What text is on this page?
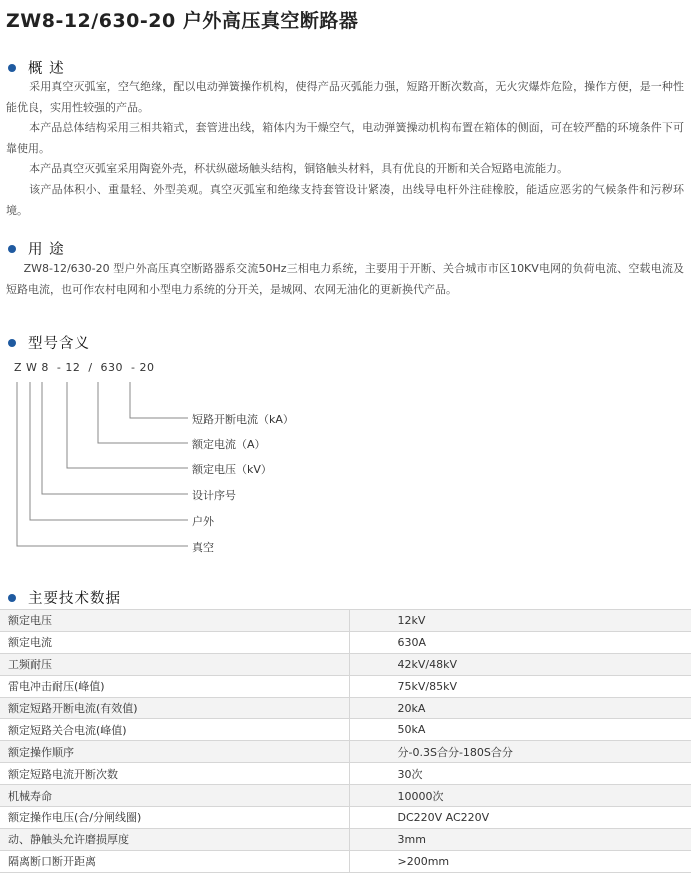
ZW8-12/630-20 户外高压真空断路器
概 述

采用真空灭弧室，空气绝缘，配以电动弹簧操作机构，使得产品灭弧能力强，短路开断次数高，无火灾爆炸危险，操作方便，是一种性能优良，实用性较强的产品。

本产品总体结构采用三相共箱式，套管进出线，箱体内为干燥空气，电动弹簧操动机构布置在箱体的侧面，可在较严酷的环境条件下可靠使用。

本产品真空灭弧室采用陶瓷外壳，杯状纵磁场触头结构，铜铬触头材料，具有优良的开断和关合短路电流能力。

该产品体积小、重量轻、外型美观。真空灭弧室和绝缘支持套管设计紧凑，出线导电杆外注硅橡胶，能适应恶劣的气候条件和污秽环境。

用 途

ZW8-12/630-20 型户外高压真空断路器系交流50Hz三相电力系统，主要用于开断、关合城市市区10KV电网的负荷电流、空载电流及短路电流，也可作农村电网和小型电力系统的分开关，是城网、农网无油化的更新换代产品。

型号含义
Z W 8  - 12  /  630  - 20
短路开断电流（kA）
额定电流（A）
额定电压（kV）
设计序号
户外
真空
主要技术数据
额定电压	12kV
额定电流	630A
工频耐压	42kV/48kV
雷电冲击耐压(峰值)	75kV/85kV
额定短路开断电流(有效值)	20kA
额定短路关合电流(峰值)	50kA
额定操作顺序	分-0.3S合分-180S合分
额定短路电流开断次数	30次
机械寿命	10000次
额定操作电压(合/分闸线圈)	DC220V AC220V
动、静触头允许磨损厚度	3mm
隔离断口断开距离	>200mm
